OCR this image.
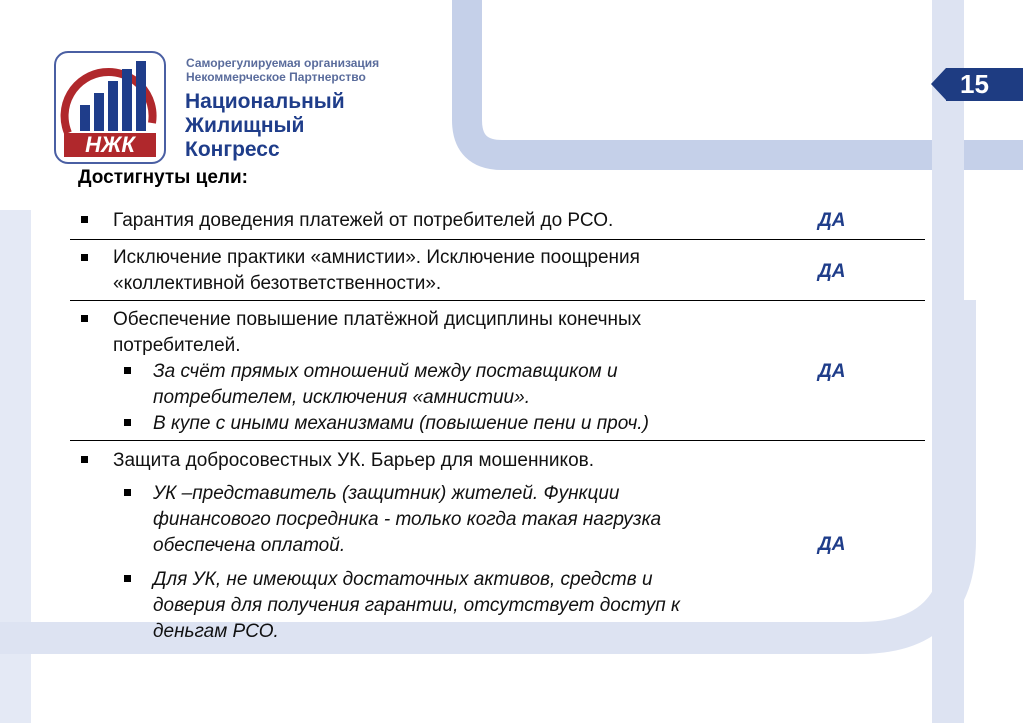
НЖК
Саморегулируемая организация
Некоммерческое Партнерство
Национальный
Жилищный
Конгресс
15
Достигнуты цели:
Гарантия доведения платежей от потребителей до РСО.	ДА
Исключение практики «амнистии». Исключение поощрения
«коллективной безответственности».
ДА
Обеспечение повышение платёжной дисциплины конечных
потребителей.
За счёт прямых отношений между поставщиком и
потребителем, исключения «амнистии».
В купе с иными механизмами (повышение пени и проч.)
ДА
Защита добросовестных УК. Барьер для мошенников.
УК –представитель (защитник) жителей. Функции
финансового посредника - только когда такая нагрузка
обеспечена оплатой.
Для УК, не имеющих достаточных активов, средств и
доверия для получения гарантии, отсутствует доступ к
деньгам РСО.
ДА
